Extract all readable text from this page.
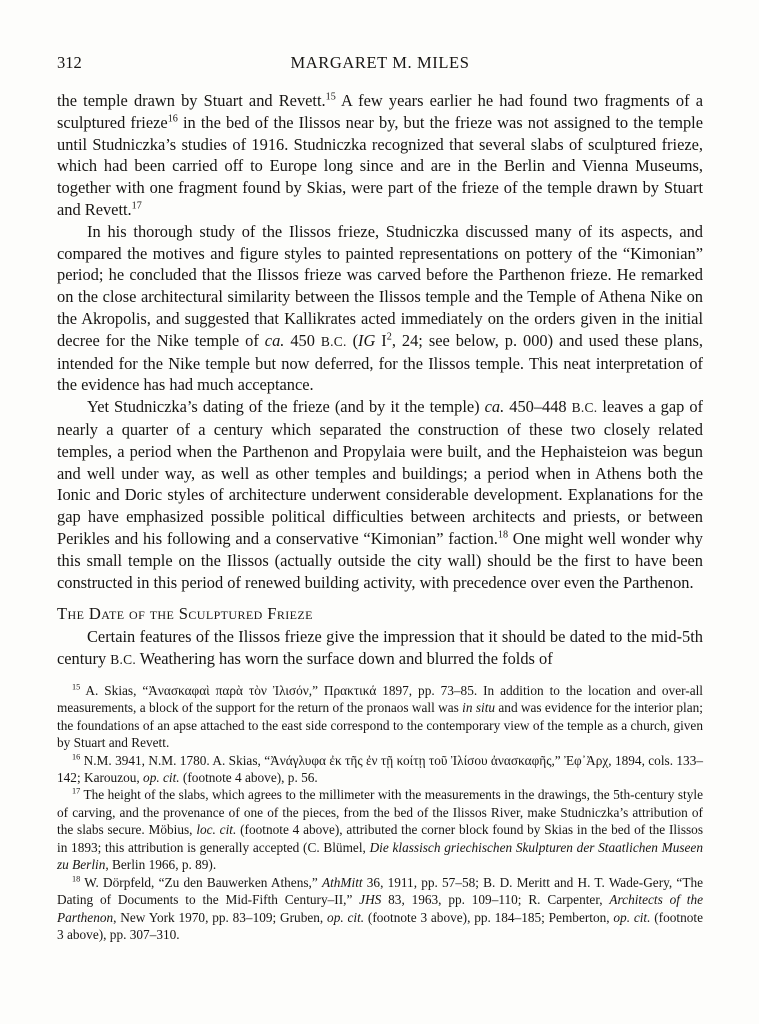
312	MARGARET M. MILES

the temple drawn by Stuart and Revett.$^{15}$ A few years earlier he had found two fragments of a sculptured frieze$^{16}$ in the bed of the Ilissos near by, but the frieze was not assigned to the temple until Studniczka’s studies of 1916. Studniczka recognized that several slabs of sculptured frieze, which had been carried off to Europe long since and are in the Berlin and Vienna Museums, together with one fragment found by Skias, were part of the frieze of the temple drawn by Stuart and Revett.$^{17}$

In his thorough study of the Ilissos frieze, Studniczka discussed many of its aspects, and compared the motives and figure styles to painted representations on pottery of the “Kimonian” period; he concluded that the Ilissos frieze was carved before the Parthenon frieze. He remarked on the close architectural similarity between the Ilissos temple and the Temple of Athena Nike on the Akropolis, and suggested that Kallikrates acted immediately on the orders given in the initial decree for the Nike temple of ca. 450 B.C. (IG $I^2$, 24; see below, p. 000) and used these plans, intended for the Nike temple but now deferred, for the Ilissos temple. This neat interpretation of the evidence has had much acceptance.

Yet Studniczka’s dating of the frieze (and by it the temple) ca. 450–448 B.C. leaves a gap of nearly a quarter of a century which separated the construction of these two closely related temples, a period when the Parthenon and Propylaia were built, and the Hephaisteion was begun and well under way, as well as other temples and buildings; a period when in Athens both the Ionic and Doric styles of architecture underwent considerable development. Explanations for the gap have emphasized possible political difficulties between architects and priests, or between Perikles and his following and a conservative “Kimonian” faction.$^{18}$ One might well wonder why this small temple on the Ilissos (actually outside the city wall) should be the first to have been constructed in this period of renewed building activity, with precedence over even the Parthenon.

The Date of the Sculptured Frieze

Certain features of the Ilissos frieze give the impression that it should be dated to the mid-5th century B.C. Weathering has worn the surface down and blurred the folds of

$^{15}$ A. Skias, “Ἀνασκαφαὶ παρὰ τὸν Ἰλισόν,” Πρακτικά 1897, pp. 73–85. In addition to the location and over-all measurements, a block of the support for the return of the pronaos wall was in situ and was evidence for the interior plan; the foundations of an apse attached to the east side correspond to the contemporary view of the temple as a church, given by Stuart and Revett.

$^{16}$ N.M. 3941, N.M. 1780. A. Skias, “Ἀνάγλυφα ἐκ τῆς ἐν τῇ κοίτῃ τοῦ Ἰλίσου ἀνασκαφῆς,” Ἐφ᾽Ἀρχ, 1894, cols. 133–142; Karouzou, op. cit. (footnote 4 above), p. 56.

$^{17}$ The height of the slabs, which agrees to the millimeter with the measurements in the drawings, the 5th-century style of carving, and the provenance of one of the pieces, from the bed of the Ilissos River, make Studniczka’s attribution of the slabs secure. Möbius, loc. cit. (footnote 4 above), attributed the corner block found by Skias in the bed of the Ilissos in 1893; this attribution is generally accepted (C. Blümel, Die klassisch griechischen Skulpturen der Staatlichen Museen zu Berlin, Berlin 1966, p. 89).

$^{18}$ W. Dörpfeld, “Zu den Bauwerken Athens,” AthMitt 36, 1911, pp. 57–58; B. D. Meritt and H. T. Wade-Gery, “The Dating of Documents to the Mid-Fifth Century–II,” JHS 83, 1963, pp. 109–110; R. Carpenter, Architects of the Parthenon, New York 1970, pp. 83–109; Gruben, op. cit. (footnote 3 above), pp. 184–185; Pemberton, op. cit. (footnote 3 above), pp. 307–310.
